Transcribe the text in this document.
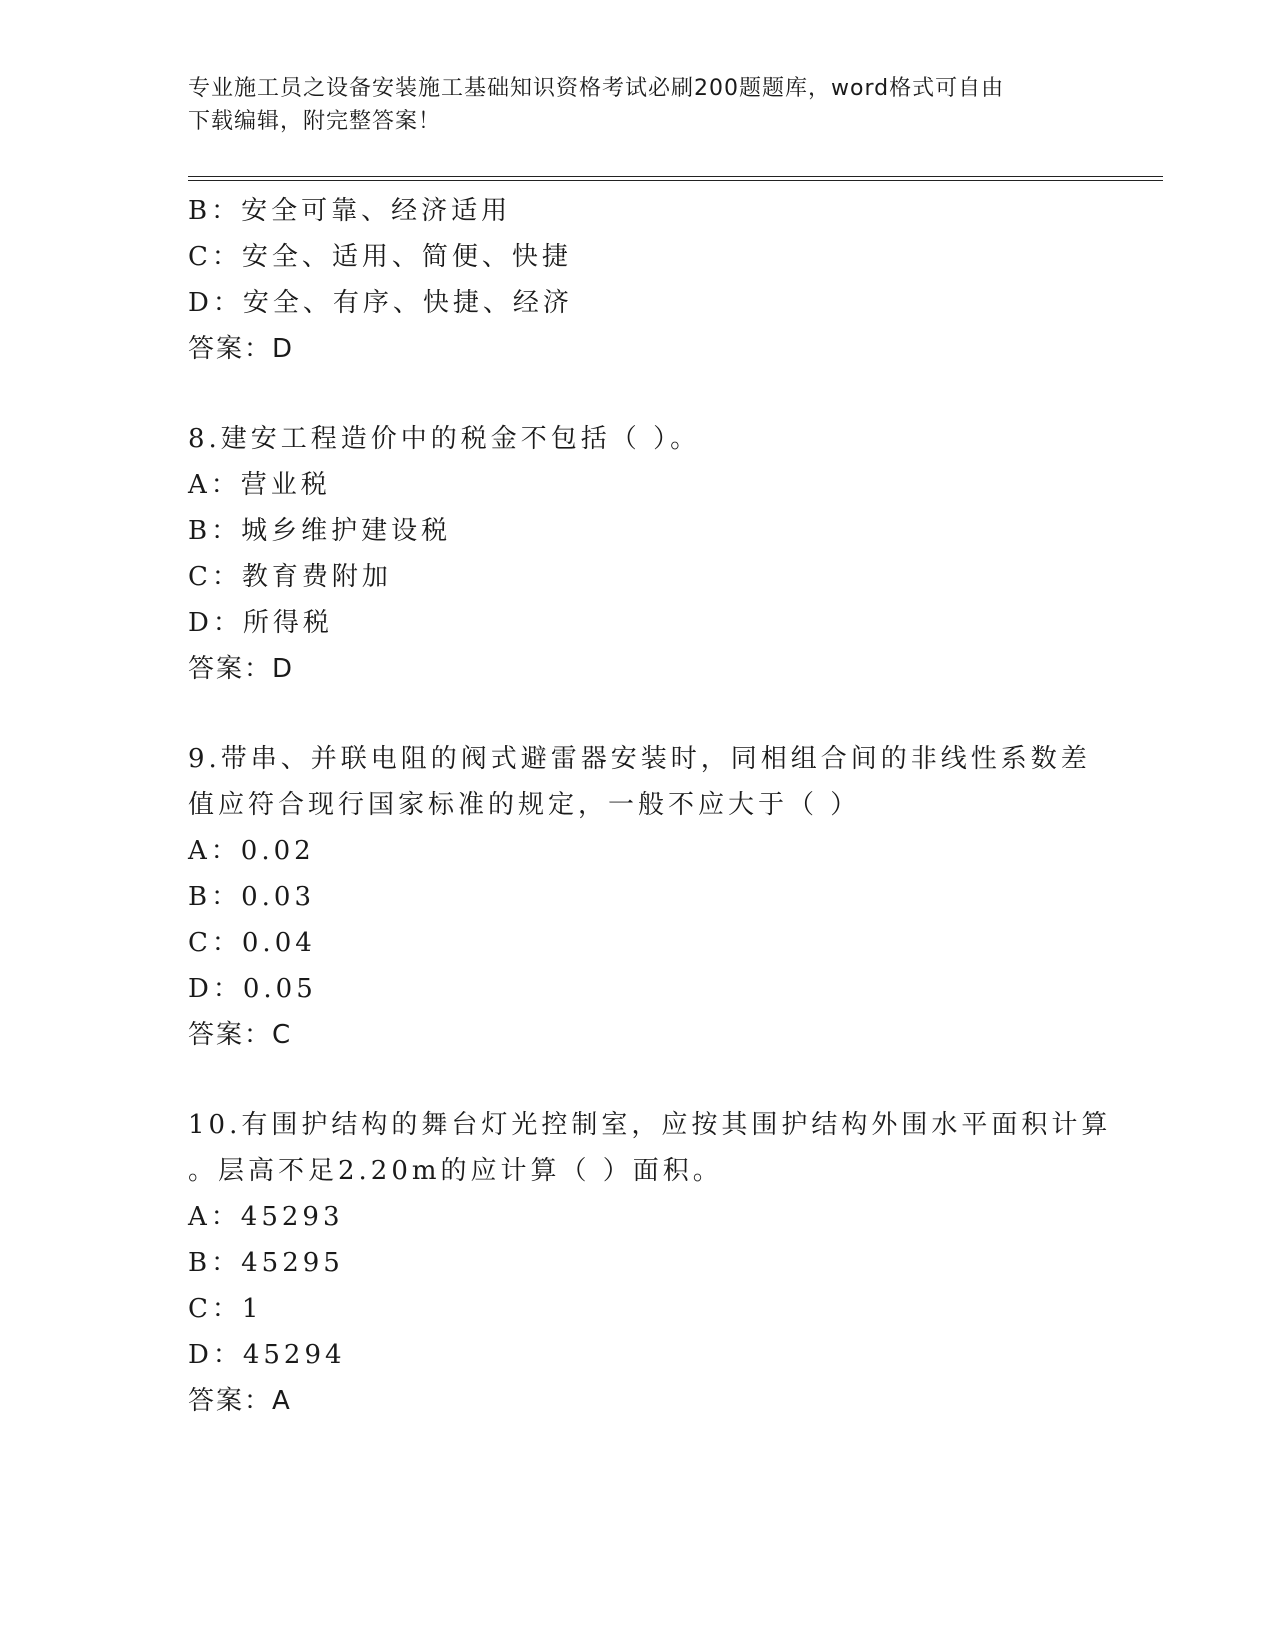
专业施工员之设备安装施工基础知识资格考试必刷200题题库，word格式可自由
下载编辑，附完整答案！
B：安全可靠、经济适用
C：安全、适用、简便、快捷
D：安全、有序、快捷、经济
答案：D
8.建安工程造价中的税金不包括（ ）。
A：营业税
B：城乡维护建设税
C：教育费附加
D：所得税
答案：D
9.带串、并联电阻的阀式避雷器安装时，同相组合间的非线性系数差
值应符合现行国家标准的规定，一般不应大于（ ）
A：0.02
B：0.03
C：0.04
D：0.05
答案：C
10.有围护结构的舞台灯光控制室，应按其围护结构外围水平面积计算
。层高不足2.20m的应计算（ ）面积。
A：45293
B：45295
C：1
D：45294
答案：A
